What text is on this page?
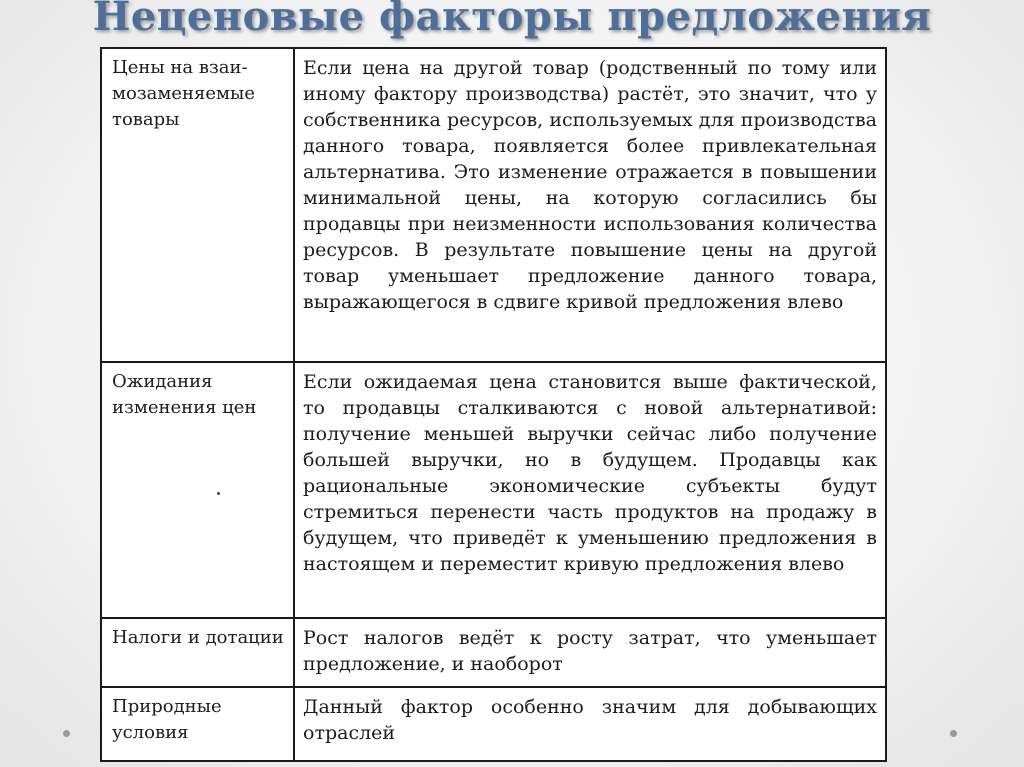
Неценовые факторы предложения
Цены на взаимозаменяемые товары	Если цена на другой товар (родственный по тому или иному фактору производства) растёт, это значит, что у собственника ресурсов, используемых для производства данного товара, появляется более привлекательная альтернатива. Это изменение отражается в повышении минимальной цены, на которую согласились бы продавцы при неизменности использования количества ресурсов. В результате повышение цены на другой товар уменьшает предложение данного товара, выражающегося в сдвиге кривой предложения влево
Ожидания изменения цен	Если ожидаемая цена становится выше фактической, то продавцы сталкиваются с новой альтернативой: получение меньшей выручки сейчас либо получение большей выручки, но в будущем. Продавцы как рациональные экономические субъекты будут стремиться перенести часть продуктов на продажу в будущем, что приведёт к уменьшению предложения в настоящем и переместит кривую предложения влево
Налоги и дотации	Рост налогов ведёт к росту затрат, что уменьшает предложение, и наоборот
Природные условия	Данный фактор особенно значим для добывающих отраслей
